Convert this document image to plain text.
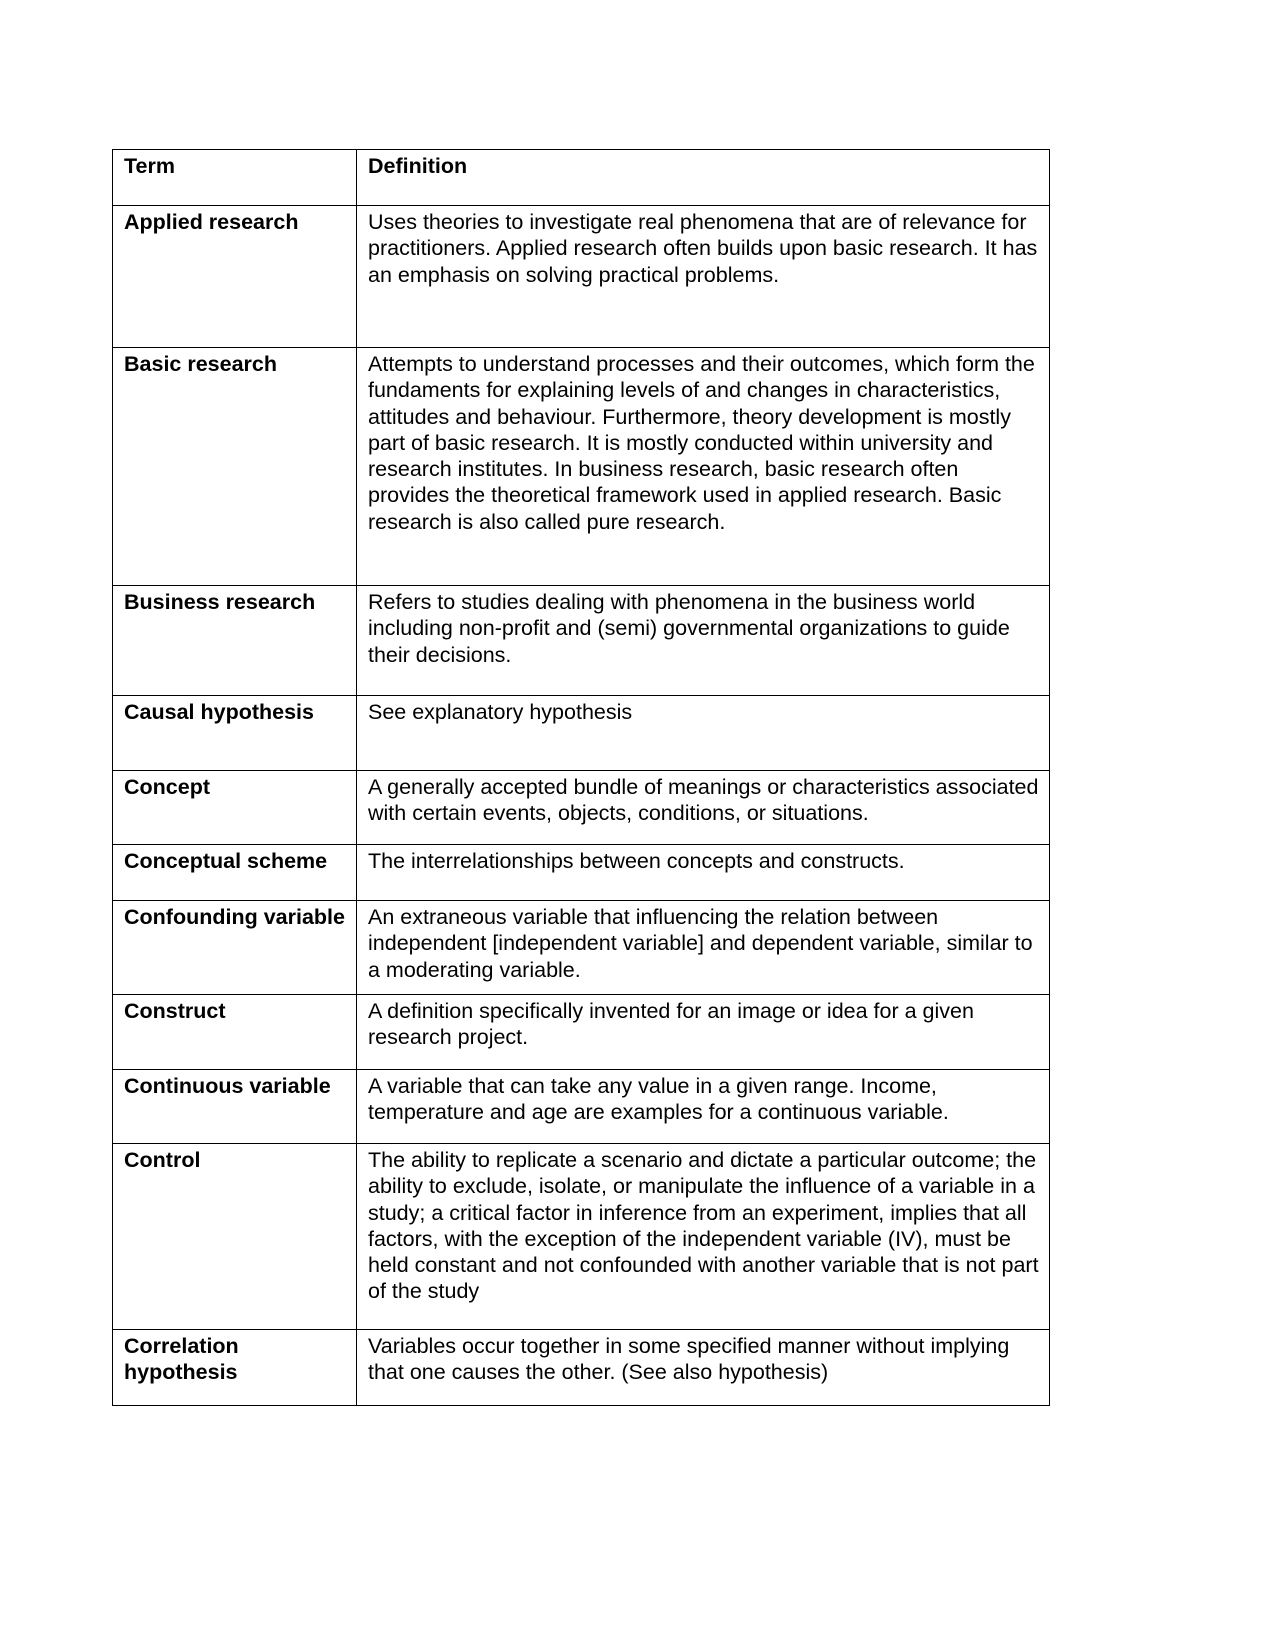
Term	Definition
Applied research	Uses theories to investigate real phenomena that are of relevance for practitioners. Applied research often builds upon basic research. It has an emphasis on solving practical problems.
Basic research	Attempts to understand processes and their outcomes, which form the fundaments for explaining levels of and changes in characteristics, attitudes and behaviour. Furthermore, theory development is mostly part of basic research. It is mostly conducted within university and research institutes. In business research, basic research often provides the theoretical framework used in applied research. Basic research is also called pure research.
Business research	Refers to studies dealing with phenomena in the business world including non-profit and (semi) governmental organizations to guide their decisions.
Causal hypothesis	See explanatory hypothesis
Concept	A generally accepted bundle of meanings or characteristics associated with certain events, objects, conditions, or situations.
Conceptual scheme	The interrelationships between concepts and constructs.
Confounding variable	An extraneous variable that influencing the relation between independent [independent variable] and dependent variable, similar to a moderating variable.
Construct	A definition specifically invented for an image or idea for a given research project.
Continuous variable	A variable that can take any value in a given range. Income, temperature and age are examples for a continuous variable.
Control	The ability to replicate a scenario and dictate a particular outcome; the ability to exclude, isolate, or manipulate the influence of a variable in a study; a critical factor in inference from an experiment, implies that all factors, with the exception of the independent variable (IV), must be held constant and not confounded with another variable that is not part of the study
Correlation hypothesis	Variables occur together in some specified manner without implying that one causes the other. (See also hypothesis)
